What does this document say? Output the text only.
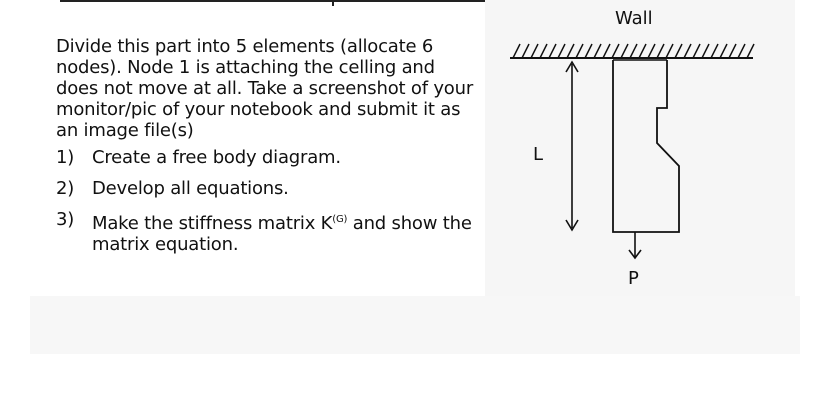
Divide this part into 5 elements (allocate 6 nodes). Node 1 is attaching the celling and does not move at all. Take a screenshot of your monitor/pic of your notebook and submit it as an image file(s)

1) Create a free body diagram.
2) Develop all equations.
3) Make the stiffness matrix $K^{(G)}$ and show the matrix equation.
Wall
L
P
